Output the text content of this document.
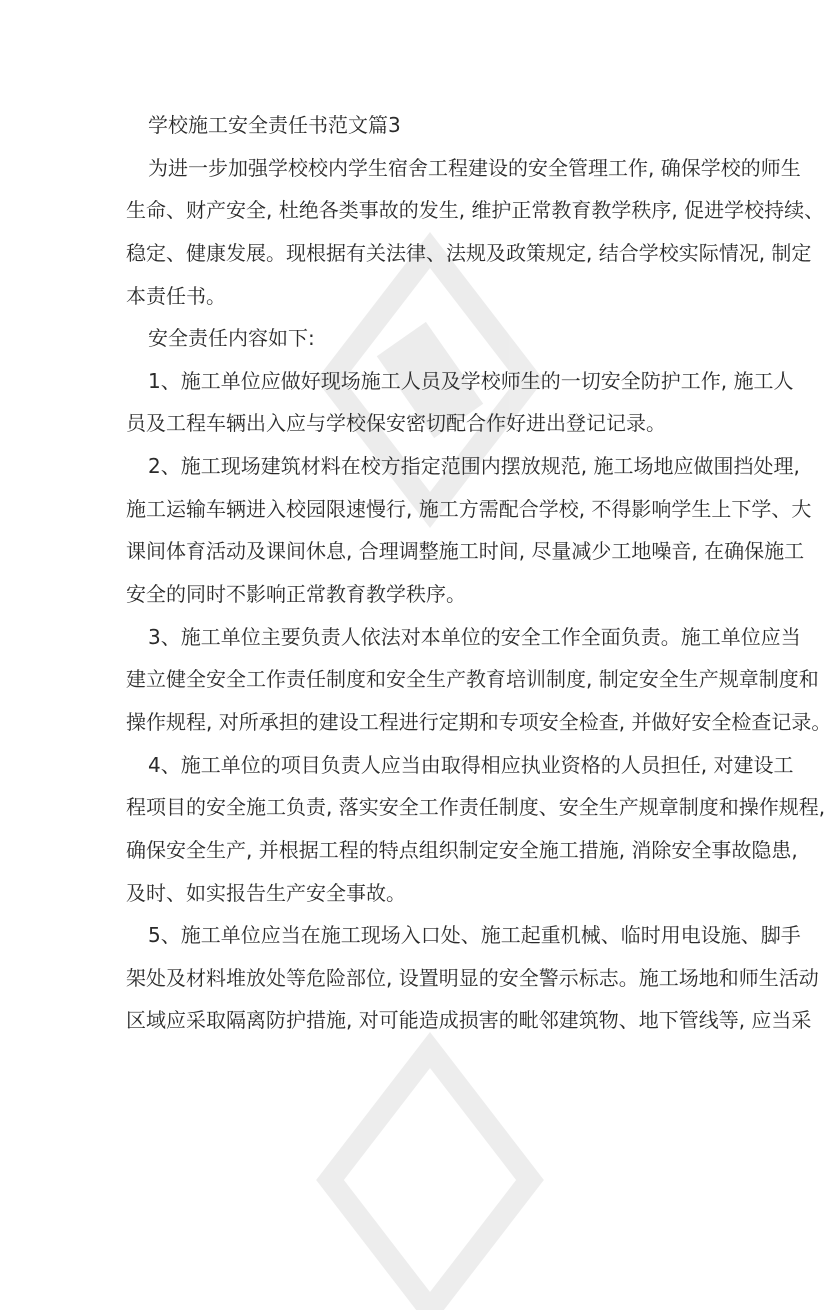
学校施工安全责任书范文篇3
为进一步加强学校校内学生宿舍工程建设的安全管理工作, 确保学校的师生
生命、财产安全, 杜绝各类事故的发生, 维护正常教育教学秩序, 促进学校持续、
稳定、健康发展。现根据有关法律、法规及政策规定, 结合学校实际情况, 制定
本责任书。
安全责任内容如下:
1、施工单位应做好现场施工人员及学校师生的一切安全防护工作, 施工人
员及工程车辆出入应与学校保安密切配合作好进出登记记录。
2、施工现场建筑材料在校方指定范围内摆放规范, 施工场地应做围挡处理,
施工运输车辆进入校园限速慢行, 施工方需配合学校, 不得影响学生上下学、大
课间体育活动及课间休息, 合理调整施工时间, 尽量减少工地噪音, 在确保施工
安全的同时不影响正常教育教学秩序。
3、施工单位主要负责人依法对本单位的安全工作全面负责。施工单位应当
建立健全安全工作责任制度和安全生产教育培训制度, 制定安全生产规章制度和
操作规程, 对所承担的建设工程进行定期和专项安全检查, 并做好安全检查记录。
4、施工单位的项目负责人应当由取得相应执业资格的人员担任, 对建设工
程项目的安全施工负责, 落实安全工作责任制度、安全生产规章制度和操作规程,
确保安全生产, 并根据工程的特点组织制定安全施工措施, 消除安全事故隐患,
及时、如实报告生产安全事故。
5、施工单位应当在施工现场入口处、施工起重机械、临时用电设施、脚手
架处及材料堆放处等危险部位, 设置明显的安全警示标志。施工场地和师生活动
区域应采取隔离防护措施, 对可能造成损害的毗邻建筑物、地下管线等, 应当采
